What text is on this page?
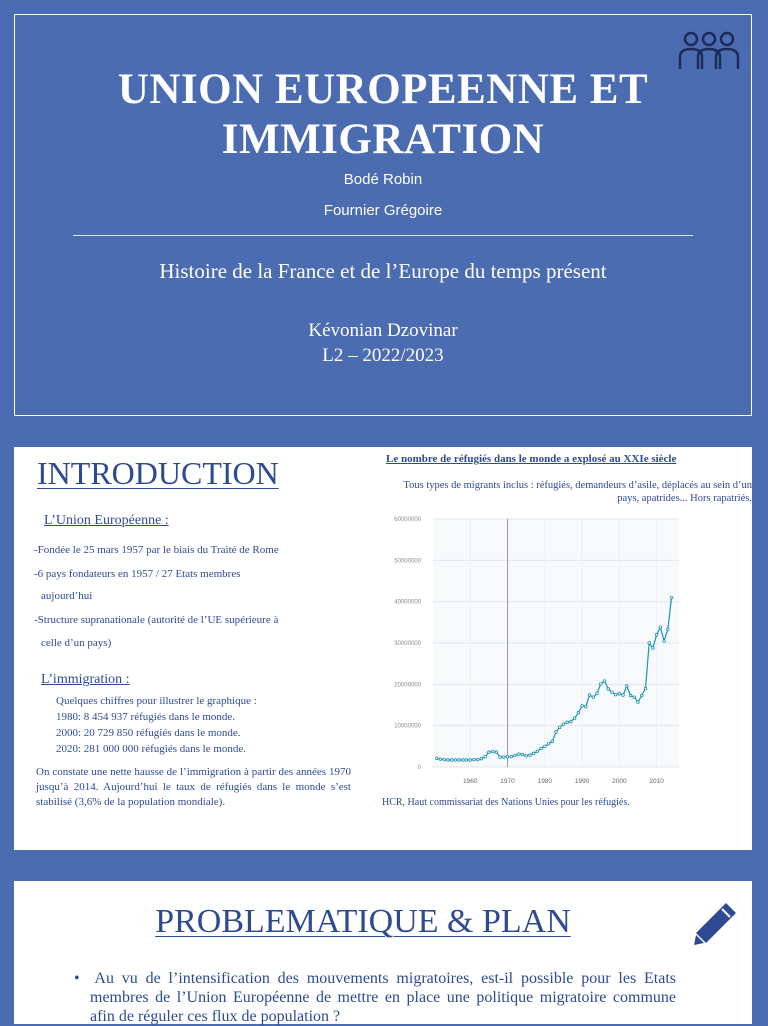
UNION EUROPEENNE ET
IMMIGRATION
Bodé Robin
Fournier Grégoire
Histoire de la France et de l’Europe du temps présent
Kévonian Dzovinar
L2 – 2022/2023
INTRODUCTION
L’Union Européenne :
-Fondée le 25 mars 1957 par le biais du Traité de Rome
-6 pays fondateurs en 1957 / 27 Etats membres
aujourd’hui
-Structure supranationale (autorité de l’UE supérieure à
celle d’un pays)
L’immigration :
Quelques chiffres pour illustrer le graphique :
1980: 8 454 937 réfugiés dans le monde.
2000: 20 729 850 réfugiés dans le monde.
2020: 281 000 000 réfugiés dans le monde.
On constate une nette hausse de l’immigration à partir des années 1970 jusqu’à 2014. Aujourd’hui le taux de réfugiés dans le monde s’est stabilisé (3,6% de la population mondiale).
Le nombre de réfugiés dans le monde a explosé au XXIe siècle
Tous types de migrants inclus : réfugiés, demandeurs d’asile, déplacés au sein d’un pays, apatrides... Hors rapatriés.
0
10000000
20000000
30000000
40000000
50000000
60000000
1960	1970	1980	1990	2000	2010
HCR, Haut commissariat des Nations Unies pour les réfugiés.
PROBLEMATIQUE & PLAN
• Au vu de l’intensification des mouvements migratoires, est-il possible pour les Etats membres de l’Union Européenne de mettre en place une politique migratoire commune afin de réguler ces flux de population ?
